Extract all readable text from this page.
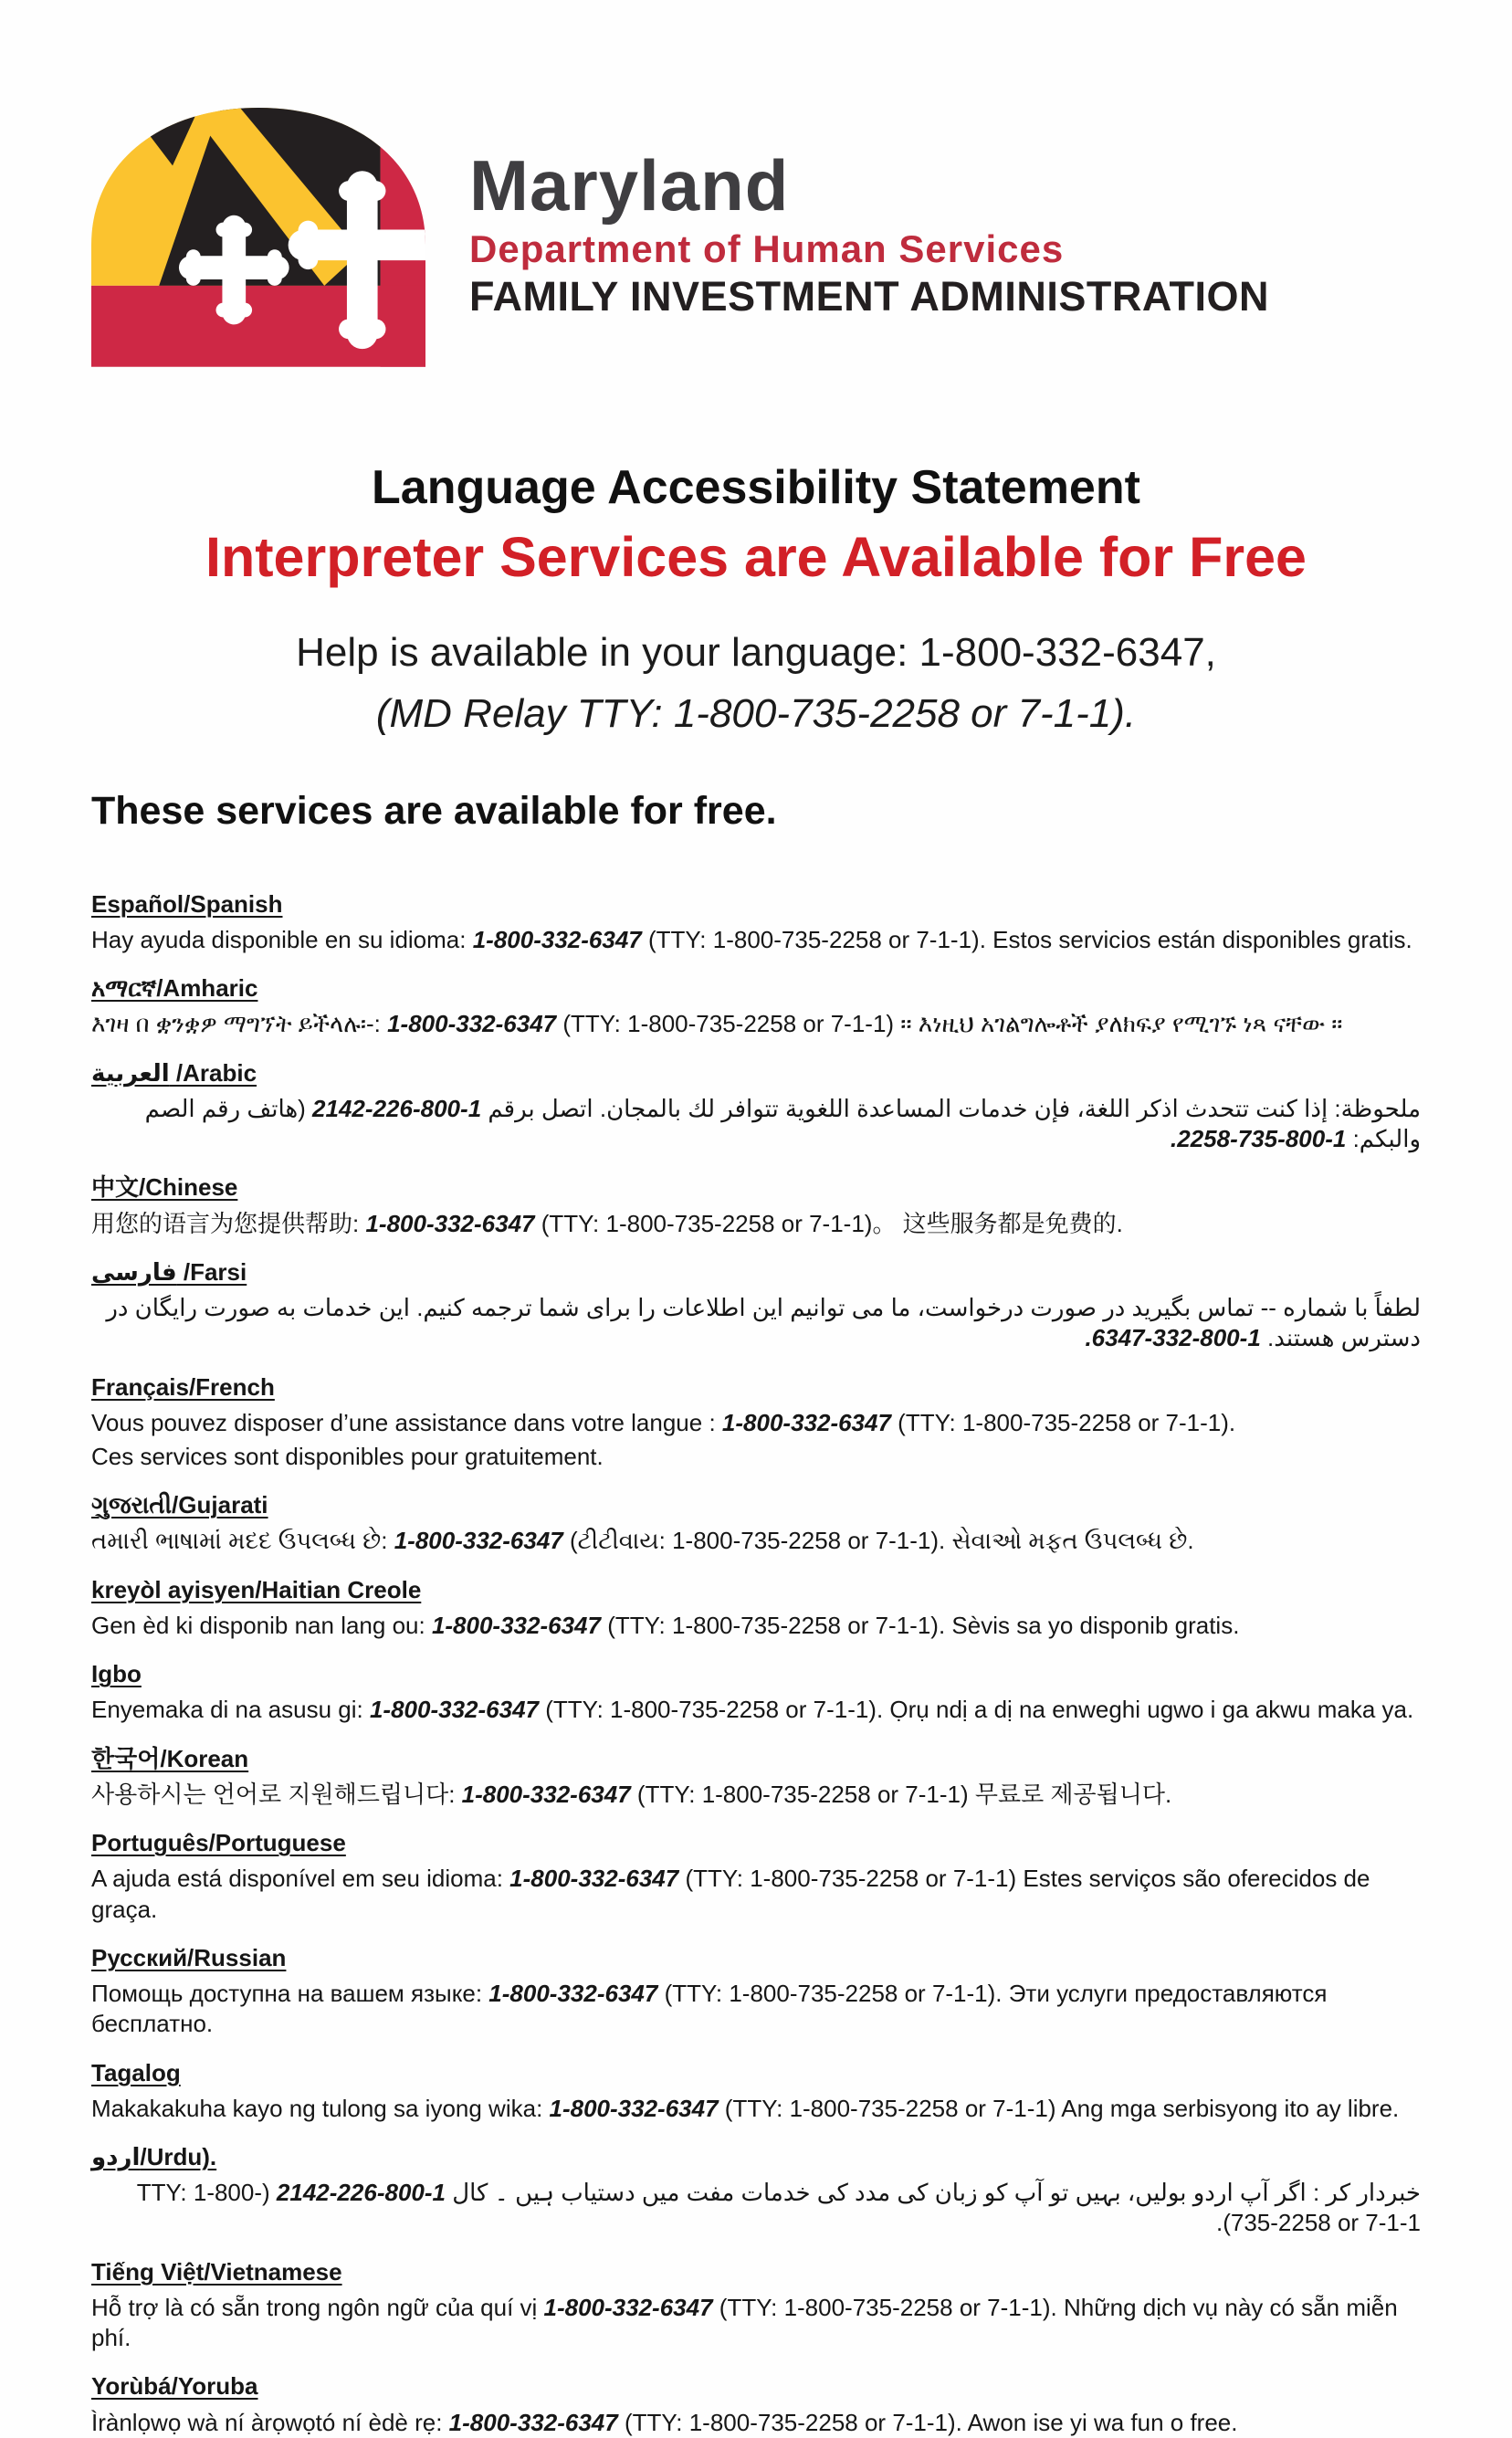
Maryland
Department of Human Services
FAMILY INVESTMENT ADMINISTRATION
Language Accessibility Statement
Interpreter Services are Available for Free

Help is available in your language: 1-800-332-6347,

(MD Relay TTY: 1-800-735-2258 or 7-1-1).

These services are available for free.

Español/Spanish

Hay ayuda disponible en su idioma: 1-800-332-6347 (TTY: 1-800-735-2258 or 7-1-1). Estos servicios están disponibles gratis.

አማርኛ/Amharic

እገዛ በ ቋንቋዎ ማግኘት ይችላሉ፡-: 1-800-332-6347 (TTY: 1-800-735-2258 or 7-1-1) ፡፡ እነዚህ አገልግሎቶች ያለክፍያ የሚገኙ ነጻ ናቸው ።

العربية /Arabic

ملحوظة: إذا كنت تتحدث اذكر اللغة، فإن خدمات المساعدة اللغوية تتوافر لك بالمجان. اتصل برقم 1-800-226-2142 (هاتف رقم الصم والبكم: 1-800-735-2258.

中文/Chinese

用您的语言为您提供帮助: 1-800-332-6347 (TTY: 1-800-735-2258 or 7-1-1)。 这些服务都是免费的.

فارسی /Farsi

لطفاً با شماره -- تماس بگیرید در صورت درخواست، ما می توانیم این اطلاعات را برای شما ترجمه کنیم. این خدمات به صورت رایگان در دسترس هستند. 1-800-332-6347.

Français/French

Vous pouvez disposer d’une assistance dans votre langue : 1-800-332-6347 (TTY: 1-800-735-2258 or 7-1-1).

Ces services sont disponibles pour gratuitement.

ગુજરાતી/Gujarati

તમારી ભાષામાં મદદ ઉપલબ્ધ છે: 1-800-332-6347 (ટીટીવાય: 1-800-735-2258 or 7-1-1). સેવાઓ મફત ઉપલબ્ધ છે.

kreyòl ayisyen/Haitian Creole

Gen èd ki disponib nan lang ou: 1-800-332-6347 (TTY: 1-800-735-2258 or 7-1-1). Sèvis sa yo disponib gratis.

Igbo

Enyemaka di na asusu gi: 1-800-332-6347 (TTY: 1-800-735-2258 or 7-1-1). Ọrụ ndị a dị na enweghi ugwo i ga akwu maka ya.

한국어/Korean

사용하시는 언어로 지원해드립니다: 1-800-332-6347 (TTY: 1-800-735-2258 or 7-1-1) 무료로 제공됩니다.

Português/Portuguese

A ajuda está disponível em seu idioma: 1-800-332-6347 (TTY: 1-800-735-2258 or 7-1-1) Estes serviços são oferecidos de graça.

Русский/Russian

Помощь доступна на вашем языке: 1-800-332-6347 (TTY: 1-800-735-2258 or 7-1-1). Эти услуги предоставляются бесплатно.

Tagalog

Makakakuha kayo ng tulong sa iyong wika: 1-800-332-6347 (TTY: 1-800-735-2258 or 7-1-1) Ang mga serbisyong ito ay libre.

اردو/Urdu).

خبردار کر : اگر آپ اردو بولیں، بہیں تو آپ کو زبان کی مدد کی خدمات مفت میں دستیاب ہیں ۔ کال 1-800-226-2142 (TTY: 1-800-735-2258 or 7-1-1).

Tiếng Việt/Vietnamese

Hỗ trợ là có sẵn trong ngôn ngữ của quí vị 1-800-332-6347 (TTY: 1-800-735-2258 or 7-1-1). Những dịch vụ này có sẵn miễn phí.

Yorùbá/Yoruba

Ìrànlọwọ wà ní àrọwọtó ní èdè rẹ: 1-800-332-6347 (TTY: 1-800-735-2258 or 7-1-1). Awon ise yi wa fun o free.
